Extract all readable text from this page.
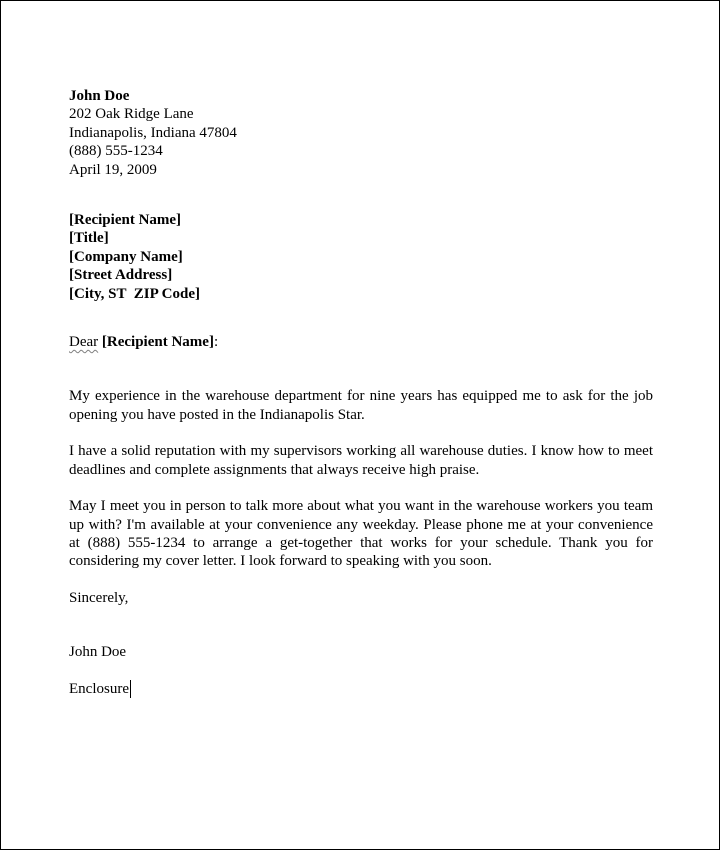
John Doe
202 Oak Ridge Lane
Indianapolis, Indiana 47804
(888) 555-1234
April 19, 2009
[Recipient Name]
[Title]
[Company Name]
[Street Address]
[City, ST  ZIP Code]
Dear [Recipient Name]:

My experience in the warehouse department for nine years has equipped me to ask for the job opening you have posted in the Indianapolis Star.

I have a solid reputation with my supervisors working all warehouse duties. I know how to meet deadlines and complete assignments that always receive high praise.

May I meet you in person to talk more about what you want in the warehouse workers you team up with? I'm available at your convenience any weekday. Please phone me at your convenience at (888) 555-1234 to arrange a get-together that works for your schedule. Thank you for considering my cover letter. I look forward to speaking with you soon.

Sincerely,

John Doe
Enclosure
